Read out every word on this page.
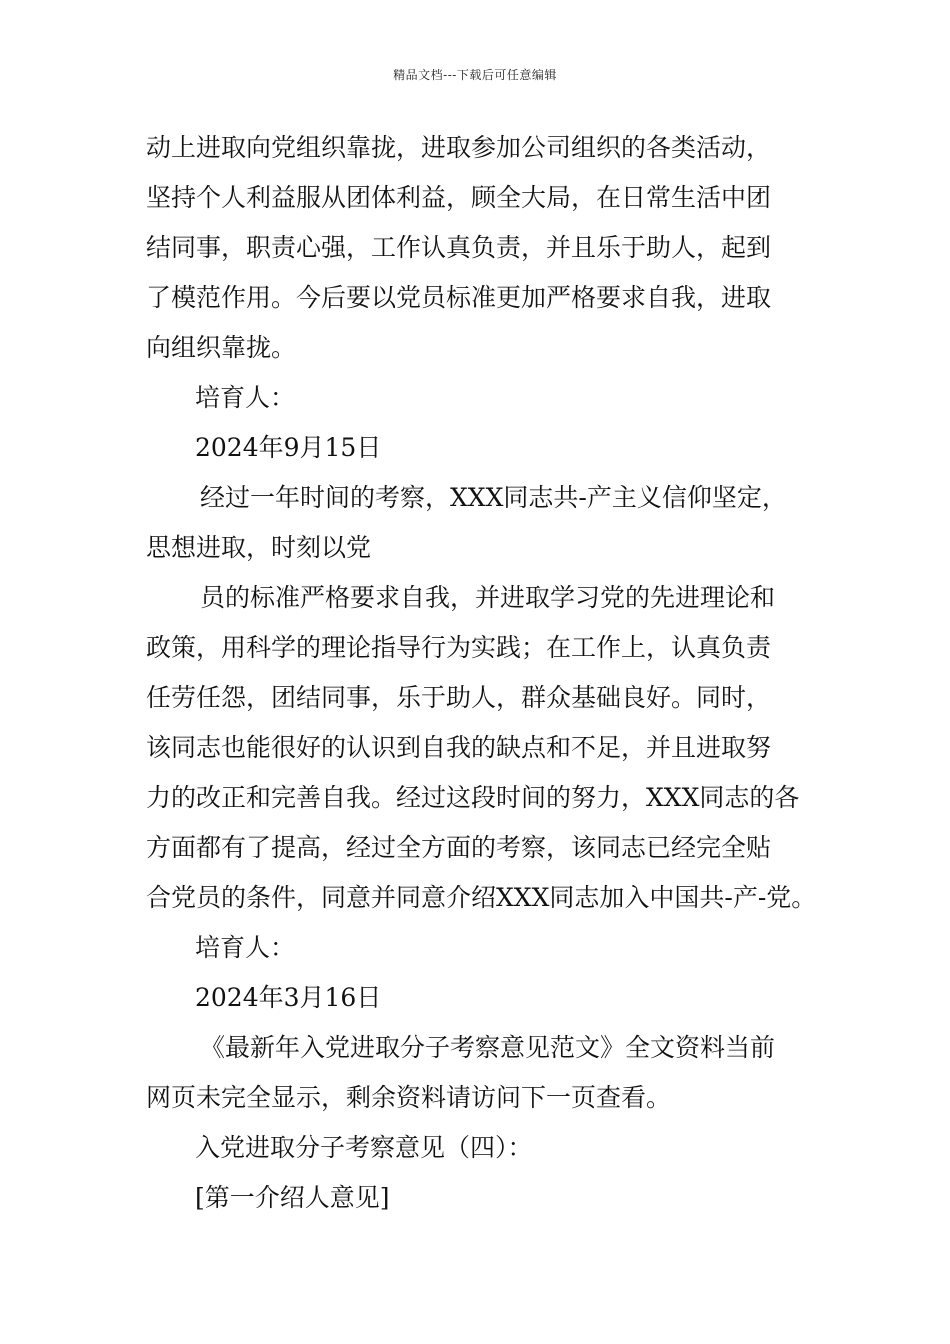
精品文档---下载后可任意编辑
动上进取向党组织靠拢，进取参加公司组织的各类活动，
坚持个人利益服从团体利益，顾全大局，在日常生活中团
结同事，职责心强，工作认真负责，并且乐于助人，起到
了模范作用。今后要以党员标准更加严格要求自我，进取
向组织靠拢。
培育人：
2024年9月15日
经过一年时间的考察，XXX同志共-产主义信仰坚定，
思想进取，时刻以党
员的标准严格要求自我，并进取学习党的先进理论和
政策，用科学的理论指导行为实践；在工作上，认真负责
任劳任怨，团结同事，乐于助人，群众基础良好。同时，
该同志也能很好的认识到自我的缺点和不足，并且进取努
力的改正和完善自我。经过这段时间的努力，XXX同志的各
方面都有了提高，经过全方面的考察，该同志已经完全贴
合党员的条件，同意并同意介绍XXX同志加入中国共-产-党。
培育人：
2024年3月16日
《最新年入党进取分子考察意见范文》全文资料当前
网页未完全显示，剩余资料请访问下一页查看。
入党进取分子考察意见（四）：
[第一介绍人意见]
